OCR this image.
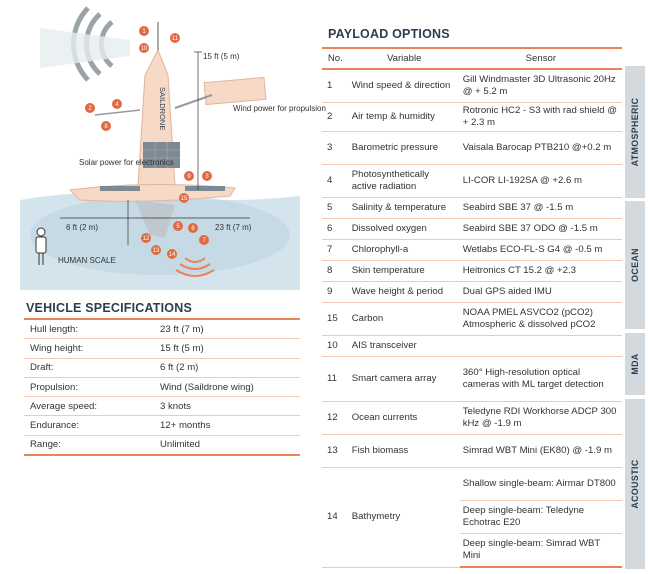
SAILDRONE
15 ft (5 m)
Wind power for propulsion
Solar power for electronics
6 ft (2 m)	23 ft (7 m)
HUMAN SCALE
1
10
11
2
4
8
9 3
15
5 6
7
12
13
14
VEHICLE SPECIFICATIONS
Hull length:	23 ft (7 m)
Wing height:	15 ft (5 m)
Draft:	6 ft (2 m)
Propulsion:	Wind (Saildrone wing)
Average speed:	3 knots
Endurance:	12+ months
Range:	Unlimited
PAYLOAD OPTIONS
No.	Variable	Sensor
1	Wind speed & direction	Gill Windmaster 3D Ultrasonic 20Hz @ + 5.2 m
2	Air temp & humidity	Rotronic HC2 - S3 with rad shield @ + 2.3 m
3	Barometric pressure	Vaisala Barocap PTB210 @+0.2 m
4	Photosynthetically active radiation	LI-COR LI-192SA @ +2.6 m
5	Salinity & temperature	Seabird SBE 37 @ -1.5 m
6	Dissolved oxygen	Seabird SBE 37 ODO @ -1.5 m
7	Chlorophyll-a	Wetlabs ECO-FL-S G4 @ -0.5 m
8	Skin temperature	Heitronics CT 15.2 @ +2.3
9	Wave height & period	Dual GPS aided IMU
15	Carbon	NOAA PMEL ASVCO2 (pCO2) Atmospheric & dissolved pCO2
10	AIS transceiver	
11	Smart camera array	360° High-resolution optical cameras with ML target detection
12	Ocean currents	Teledyne RDI Workhorse ADCP 300 kHz @ -1.9 m
13	Fish biomass	Simrad WBT Mini (EK80) @ -1.9 m
14	Bathymetry	Shallow single-beam: Airmar DT800
		Deep single-beam: Teledyne Echotrac E20
		Deep single-beam: Simrad WBT Mini
ATMOSPHERIC
OCEAN
MDA
ACOUSTIC
